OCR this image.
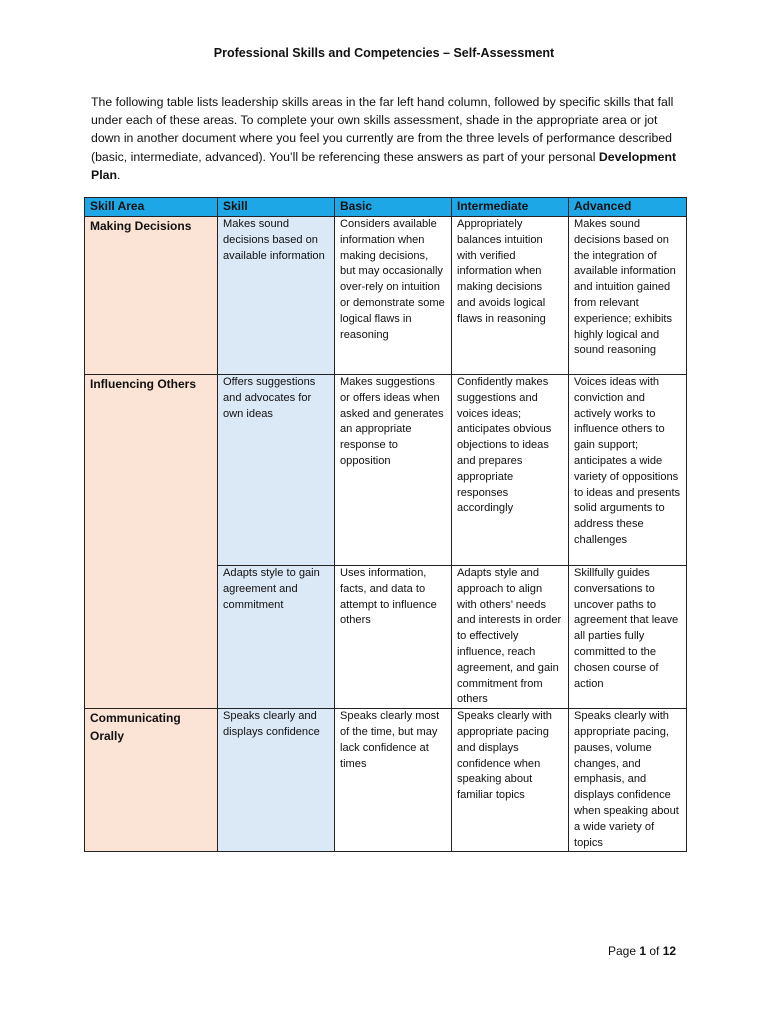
Professional Skills and Competencies – Self-Assessment

The following table lists leadership skills areas in the far left hand column, followed by specific skills that fall under each of these areas. To complete your own skills assessment, shade in the appropriate area or jot down in another document where you feel you currently are from the three levels of performance described (basic, intermediate, advanced). You’ll be referencing these answers as part of your personal Development Plan.

Skill Area	Skill	Basic	Intermediate	Advanced
Making Decisions	Makes sound decisions based on available information	Considers available information when making decisions, but may occasionally over-rely on intuition or demonstrate some logical flaws in reasoning	Appropriately balances intuition with verified information when making decisions and avoids logical flaws in reasoning	Makes sound decisions based on the integration of available information and intuition gained from relevant experience; exhibits highly logical and sound reasoning
Influencing Others	Offers suggestions and advocates for own ideas	Makes suggestions or offers ideas when asked and generates an appropriate response to opposition	Confidently makes suggestions and voices ideas; anticipates obvious objections to ideas and prepares appropriate responses accordingly	Voices ideas with conviction and actively works to influence others to gain support; anticipates a wide variety of oppositions to ideas and presents solid arguments to address these challenges
	Adapts style to gain agreement and commitment	Uses information, facts, and data to attempt to influence others	Adapts style and approach to align with others’ needs and interests in order to effectively influence, reach agreement, and gain commitment from others	Skillfully guides conversations to uncover paths to agreement that leave all parties fully committed to the chosen course of action
Communicating Orally	Speaks clearly and displays confidence	Speaks clearly most of the time, but may lack confidence at times	Speaks clearly with appropriate pacing and displays confidence when speaking about familiar topics	Speaks clearly with appropriate pacing, pauses, volume changes, and emphasis, and displays confidence when speaking about a wide variety of topics

Page 1 of 12
